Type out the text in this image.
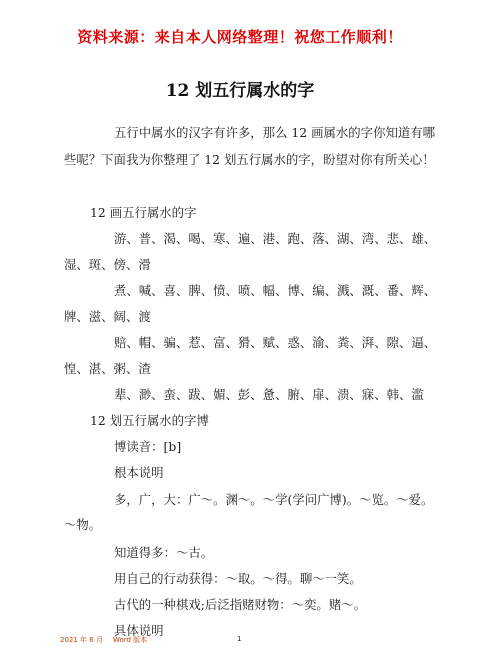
资料来源：来自本人网络整理！祝您工作顺利！
12 划五行属水的字
五行中属水的汉字有许多，那么 12 画属水的字你知道有哪
些呢？下面我为你整理了 12 划五行属水的字，盼望对你有所关心！
12 画五行属水的字
游、普、渴、喝、寒、遍、港、跑、落、湖、湾、悲、雄、
湿、斑、傍、滑
煮、喊、喜、脾、愤、喷、幅、博、编、溅、溉、番、辉、
牌、滋、阔、渡
赔、帽、骗、惹、富、猾、赋、惑、渝、粪、湃、隙、逼、
惶、湛、粥、渣
辈、渺、蛮、跋、媚、彭、惫、腑、扉、溃、寐、韩、滥
12 划五行属水的字博
博读音：[b]
根本说明
多，广，大：广～。渊～。～学(学问广博)。～览。～爱。
～物。
知道得多：～古。
用自己的行动获得：～取。～得。聊～一笑。
古代的一种棋戏;后泛指赌财物：～奕。赌～。
具体说明
2021 年 6 月 Word 版本	1
